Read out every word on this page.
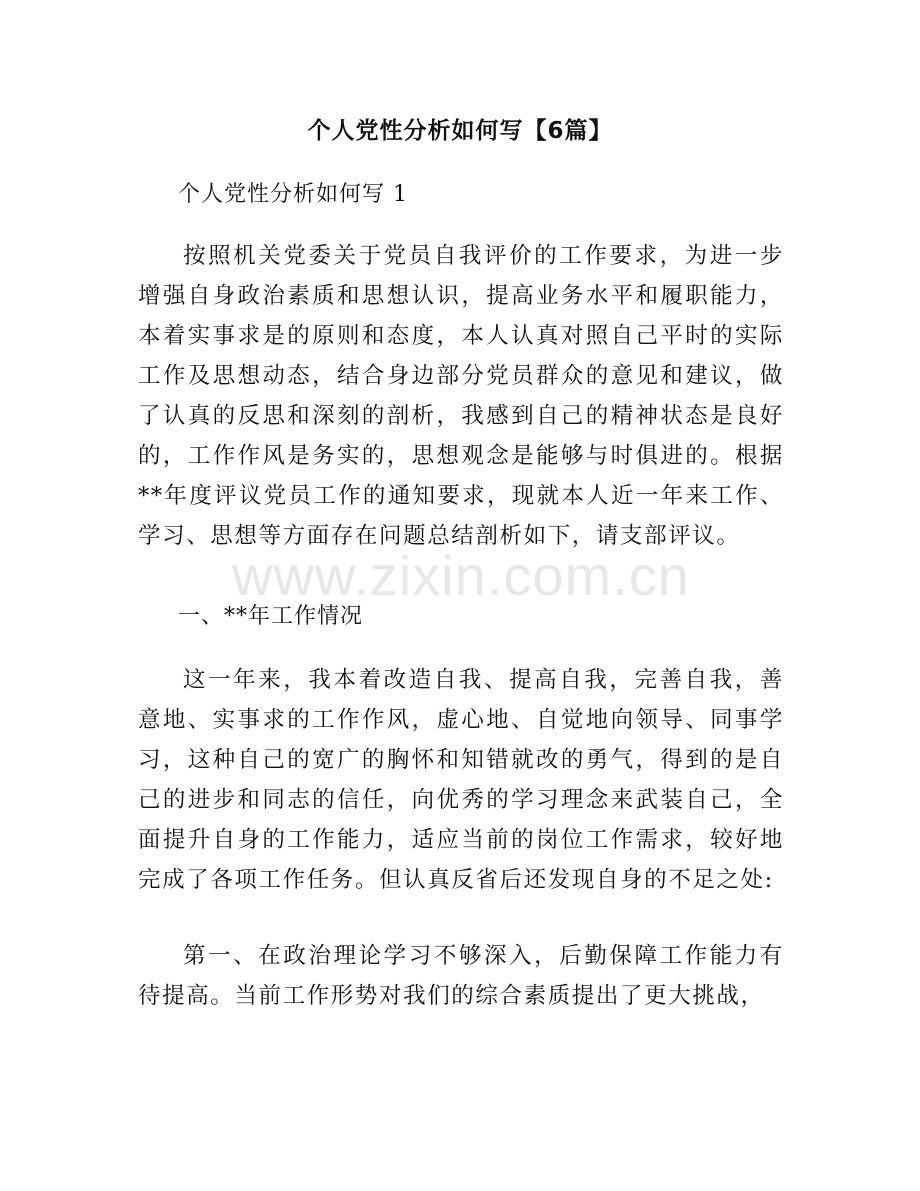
个人党性分析如何写【6篇】
个人党性分析如何写 1

按照机关党委关于党员自我评价的工作要求，为进一步增强自身政治素质和思想认识，提高业务水平和履职能力，本着实事求是的原则和态度，本人认真对照自己平时的实际工作及思想动态，结合身边部分党员群众的意见和建议，做了认真的反思和深刻的剖析，我感到自己的精神状态是良好的，工作作风是务实的，思想观念是能够与时俱进的。根据**年度评议党员工作的通知要求，现就本人近一年来工作、学习、思想等方面存在问题总结剖析如下，请支部评议。

一、**年工作情况

这一年来，我本着改造自我、提高自我，完善自我，善意地、实事求的工作作风，虚心地、自觉地向领导、同事学习，这种自己的宽广的胸怀和知错就改的勇气，得到的是自己的进步和同志的信任，向优秀的学习理念来武装自己，全面提升自身的工作能力，适应当前的岗位工作需求，较好地完成了各项工作任务。但认真反省后还发现自身的不足之处:

第一、在政治理论学习不够深入，后勤保障工作能力有待提高。当前工作形势对我们的综合素质提出了更大挑战，

www.zixin.com.cn
